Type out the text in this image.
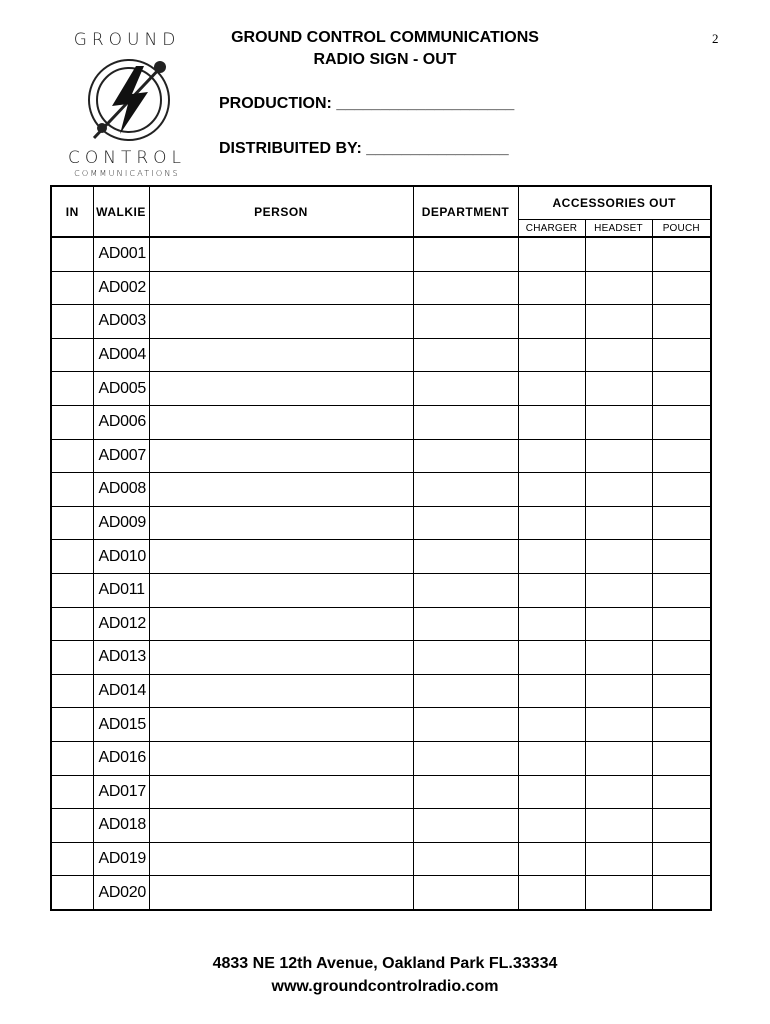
GROUND
CONTROL
COMMUNICATIONS
GROUND CONTROL COMMUNICATIONS
RADIO SIGN - OUT
2
PRODUCTION: ____________________
DISTRIBUITED BY: ________________
IN	WALKIE	PERSON	DEPARTMENT	ACCESSORIES OUT		
				CHARGER	HEADSET	POUCH
	AD001					
	AD002					
	AD003					
	AD004					
	AD005					
	AD006					
	AD007					
	AD008					
	AD009					
	AD010					
	AD011					
	AD012					
	AD013					
	AD014					
	AD015					
	AD016					
	AD017					
	AD018					
	AD019					
	AD020					
4833 NE 12th Avenue, Oakland Park FL.33334
www.groundcontrolradio.com
